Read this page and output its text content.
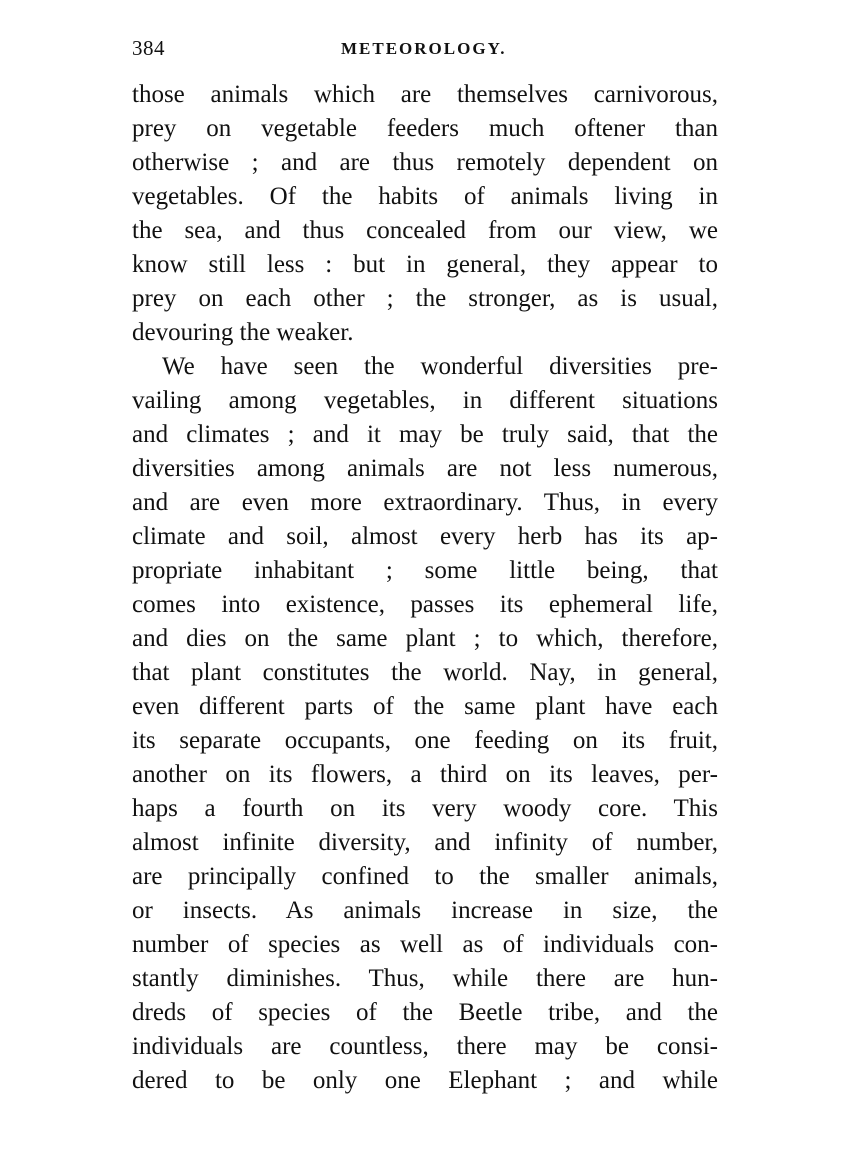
384	METEOROLOGY.
those animals which are themselves carnivorous,
prey on vegetable feeders much oftener than
otherwise ; and are thus remotely dependent on
vegetables. Of the habits of animals living in
the sea, and thus concealed from our view, we
know still less : but in general, they appear to
prey on each other ; the stronger, as is usual,
devouring the weaker.
We have seen the wonderful diversities pre-
vailing among vegetables, in different situations
and climates ; and it may be truly said, that the
diversities among animals are not less numerous,
and are even more extraordinary. Thus, in every
climate and soil, almost every herb has its ap-
propriate inhabitant ; some little being, that
comes into existence, passes its ephemeral life,
and dies on the same plant ; to which, therefore,
that plant constitutes the world. Nay, in general,
even different parts of the same plant have each
its separate occupants, one feeding on its fruit,
another on its flowers, a third on its leaves, per-
haps a fourth on its very woody core. This
almost infinite diversity, and infinity of number,
are principally confined to the smaller animals,
or insects. As animals increase in size, the
number of species as well as of individuals con-
stantly diminishes. Thus, while there are hun-
dreds of species of the Beetle tribe, and the
individuals are countless, there may be consi-
dered to be only one Elephant ; and while
